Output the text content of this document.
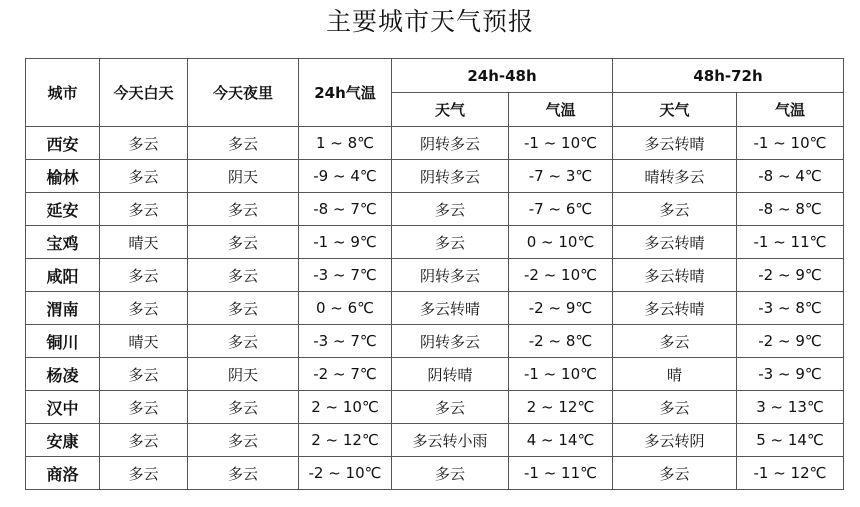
主要城市天气预报
城市	今天白天	今天夜里	24h气温	24h-48h		48h-72h	
				天气	气温	天气	气温
西安	多云	多云	1 ~ 8℃	阴转多云	-1 ~ 10℃	多云转晴	-1 ~ 10℃
榆林	多云	阴天	-9 ~ 4℃	阴转多云	-7 ~ 3℃	晴转多云	-8 ~ 4℃
延安	多云	多云	-8 ~ 7℃	多云	-7 ~ 6℃	多云	-8 ~ 8℃
宝鸡	晴天	多云	-1 ~ 9℃	多云	0 ~ 10℃	多云转晴	-1 ~ 11℃
咸阳	多云	多云	-3 ~ 7℃	阴转多云	-2 ~ 10℃	多云转晴	-2 ~ 9℃
渭南	多云	多云	0 ~ 6℃	多云转晴	-2 ~ 9℃	多云转晴	-3 ~ 8℃
铜川	晴天	多云	-3 ~ 7℃	阴转多云	-2 ~ 8℃	多云	-2 ~ 9℃
杨凌	多云	阴天	-2 ~ 7℃	阴转晴	-1 ~ 10℃	晴	-3 ~ 9℃
汉中	多云	多云	2 ~ 10℃	多云	2 ~ 12℃	多云	3 ~ 13℃
安康	多云	多云	2 ~ 12℃	多云转小雨	4 ~ 14℃	多云转阴	5 ~ 14℃
商洛	多云	多云	-2 ~ 10℃	多云	-1 ~ 11℃	多云	-1 ~ 12℃
